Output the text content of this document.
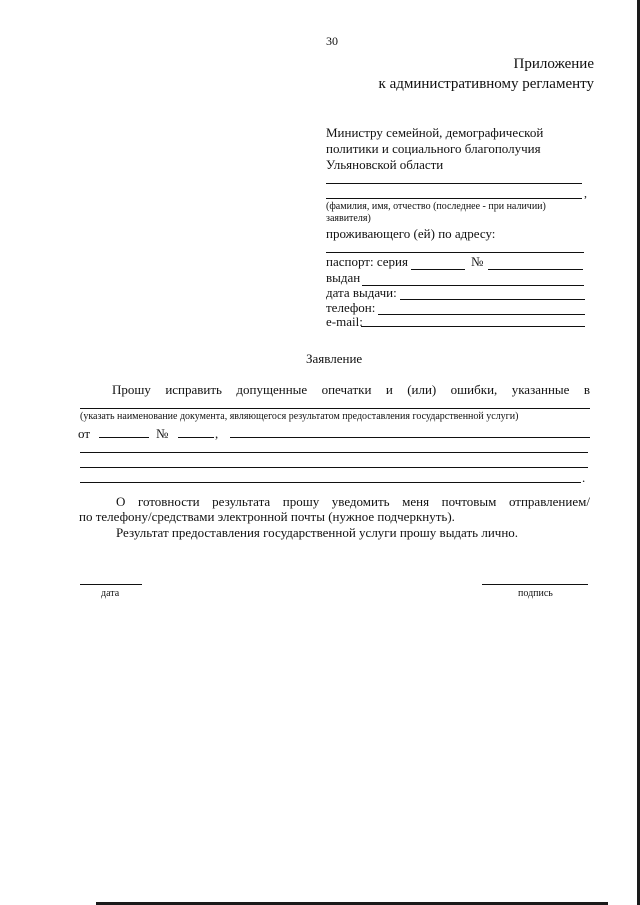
30
Приложение
к административному регламенту
Министру семейной, демографической
политики и социального благополучия
Ульяновской области
,
(фамилия, имя, отчество (последнее - при наличии)
заявителя)
проживающего (ей) по адресу:
паспорт: серия	№
выдан
дата выдачи:
телефон:
e-mail:
Заявление
Прошу исправить допущенные опечатки и (или) ошибки, указанные в
(указать наименование документа, являющегося результатом предоставления государственной услуги)
от	№	,
.
О готовности результата прошу уведомить меня почтовым отправлением/
по телефону/средствами электронной почты (нужное подчеркнуть).
Результат предоставления государственной услуги прошу выдать лично.
дата	подпись
